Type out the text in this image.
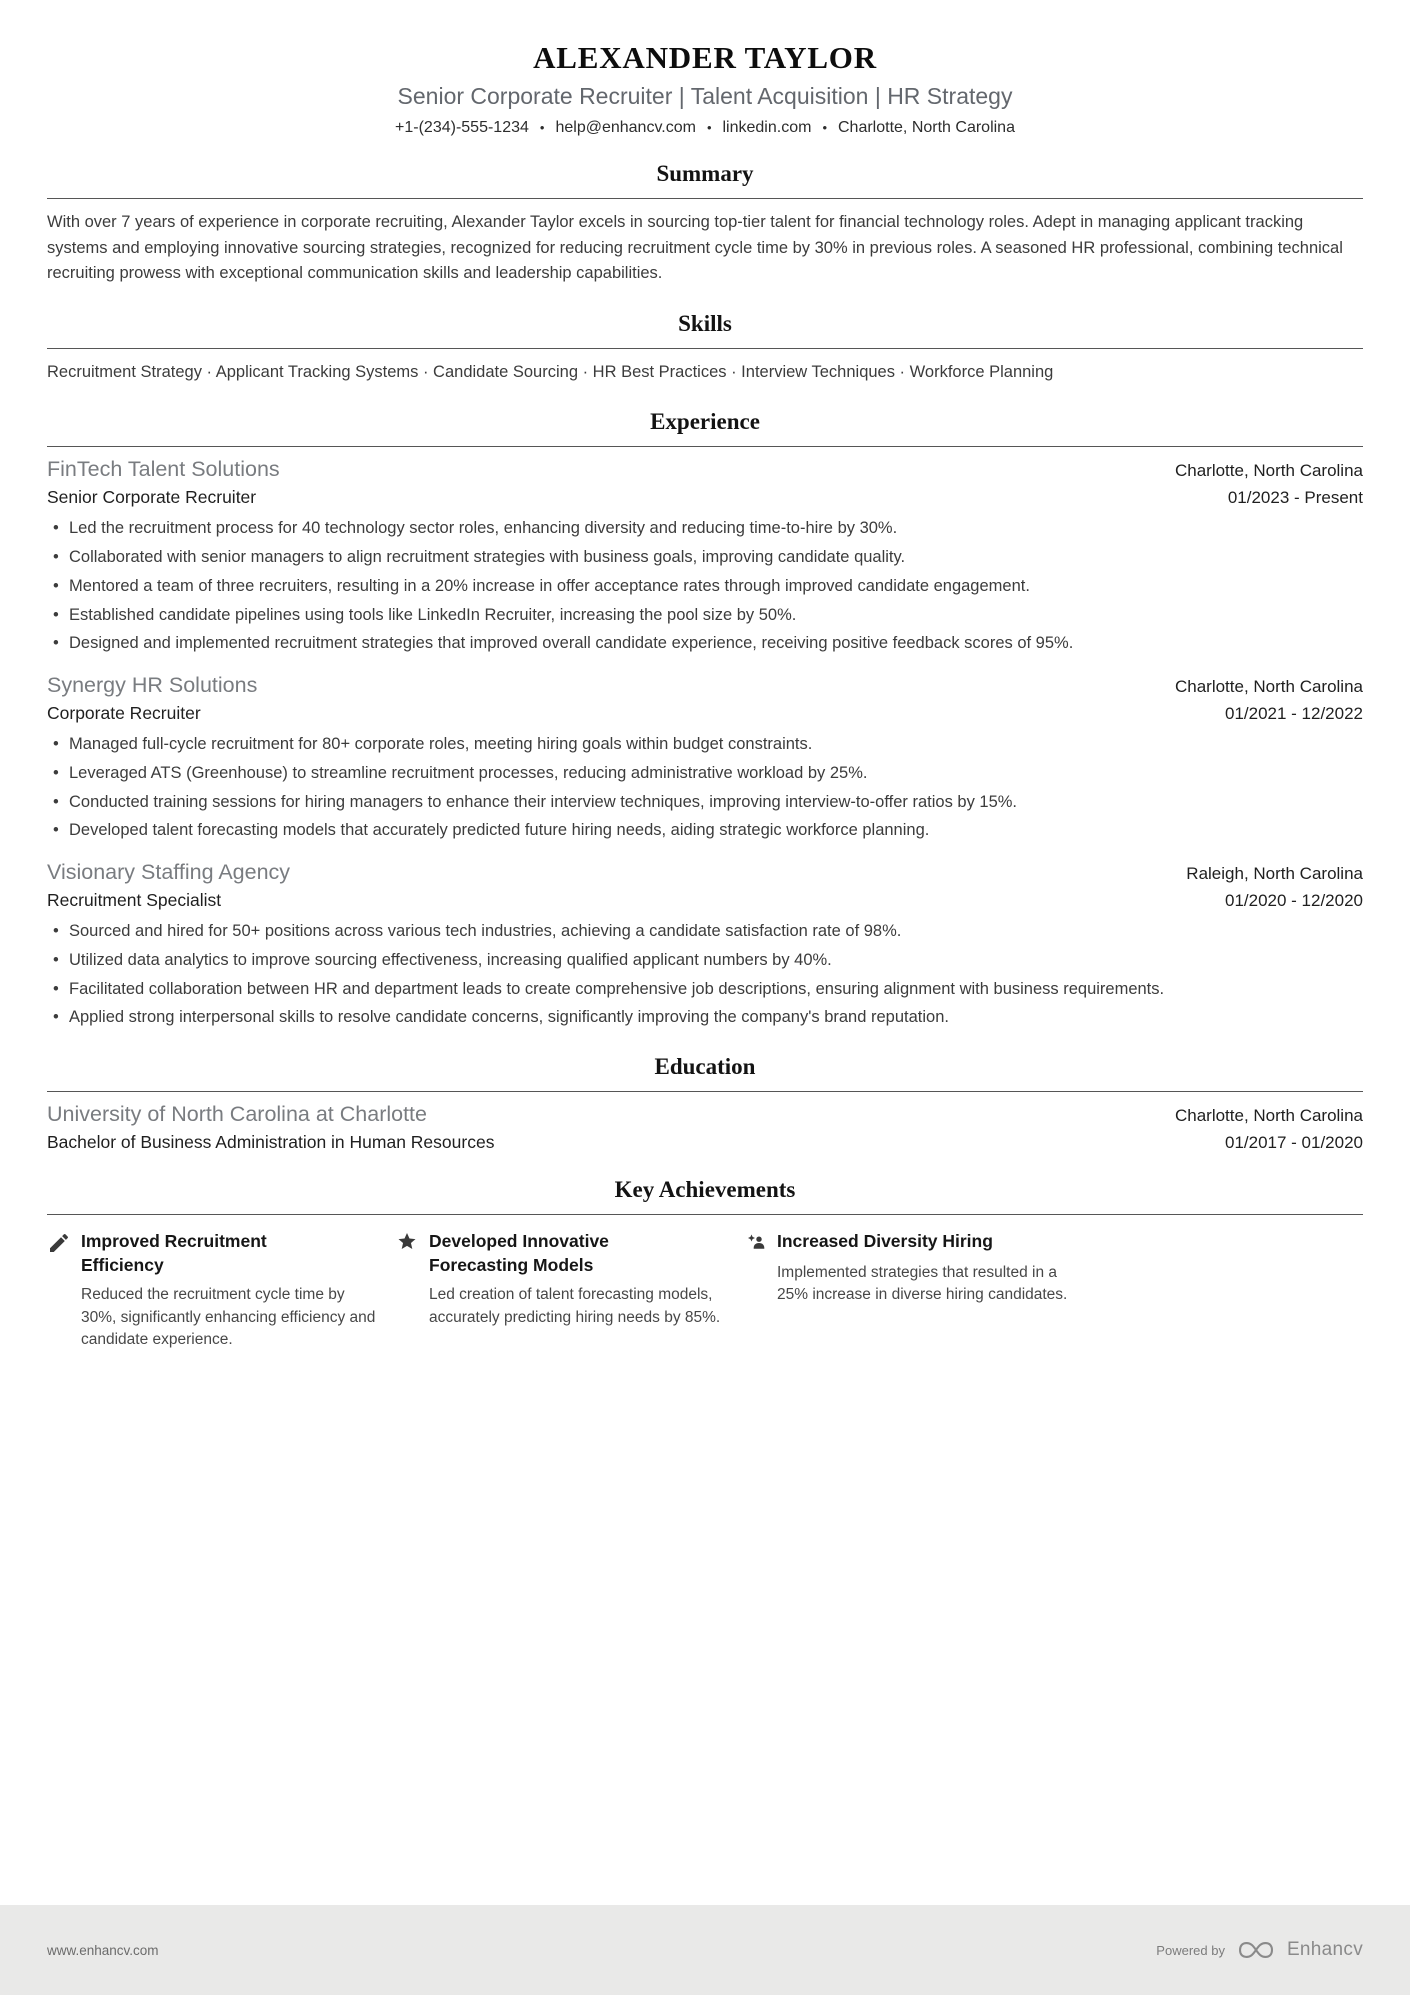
ALEXANDER TAYLOR
Senior Corporate Recruiter | Talent Acquisition | HR Strategy
+1-(234)-555-1234 • help@enhancv.com • linkedin.com • Charlotte, North Carolina
Summary

With over 7 years of experience in corporate recruiting, Alexander Taylor excels in sourcing top-tier talent for financial technology roles. Adept in managing applicant tracking systems and employing innovative sourcing strategies, recognized for reducing recruitment cycle time by 30% in previous roles. A seasoned HR professional, combining technical recruiting prowess with exceptional communication skills and leadership capabilities.

Skills

Recruitment Strategy · Applicant Tracking Systems · Candidate Sourcing · HR Best Practices · Interview Techniques · Workforce Planning

Experience
FinTech Talent Solutions	Charlotte, North Carolina
Senior Corporate Recruiter	01/2023 - Present
• Led the recruitment process for 40 technology sector roles, enhancing diversity and reducing time-to-hire by 30%.
• Collaborated with senior managers to align recruitment strategies with business goals, improving candidate quality.
• Mentored a team of three recruiters, resulting in a 20% increase in offer acceptance rates through improved candidate engagement.
• Established candidate pipelines using tools like LinkedIn Recruiter, increasing the pool size by 50%.
• Designed and implemented recruitment strategies that improved overall candidate experience, receiving positive feedback scores of 95%.
Synergy HR Solutions	Charlotte, North Carolina
Corporate Recruiter	01/2021 - 12/2022
• Managed full-cycle recruitment for 80+ corporate roles, meeting hiring goals within budget constraints.
• Leveraged ATS (Greenhouse) to streamline recruitment processes, reducing administrative workload by 25%.
• Conducted training sessions for hiring managers to enhance their interview techniques, improving interview-to-offer ratios by 15%.
• Developed talent forecasting models that accurately predicted future hiring needs, aiding strategic workforce planning.
Visionary Staffing Agency	Raleigh, North Carolina
Recruitment Specialist	01/2020 - 12/2020
• Sourced and hired for 50+ positions across various tech industries, achieving a candidate satisfaction rate of 98%.
• Utilized data analytics to improve sourcing effectiveness, increasing qualified applicant numbers by 40%.
• Facilitated collaboration between HR and department leads to create comprehensive job descriptions, ensuring alignment with business requirements.
• Applied strong interpersonal skills to resolve candidate concerns, significantly improving the company's brand reputation.
Education
University of North Carolina at Charlotte	Charlotte, North Carolina
Bachelor of Business Administration in Human Resources	01/2017 - 01/2020
Key Achievements
Improved Recruitment Efficiency
Reduced the recruitment cycle time by 30%, significantly enhancing efficiency and candidate experience.
Developed Innovative Forecasting Models
Led creation of talent forecasting models, accurately predicting hiring needs by 85%.
Increased Diversity Hiring
Implemented strategies that resulted in a 25% increase in diverse hiring candidates.
www.enhancv.com	Powered by	Enhancv
